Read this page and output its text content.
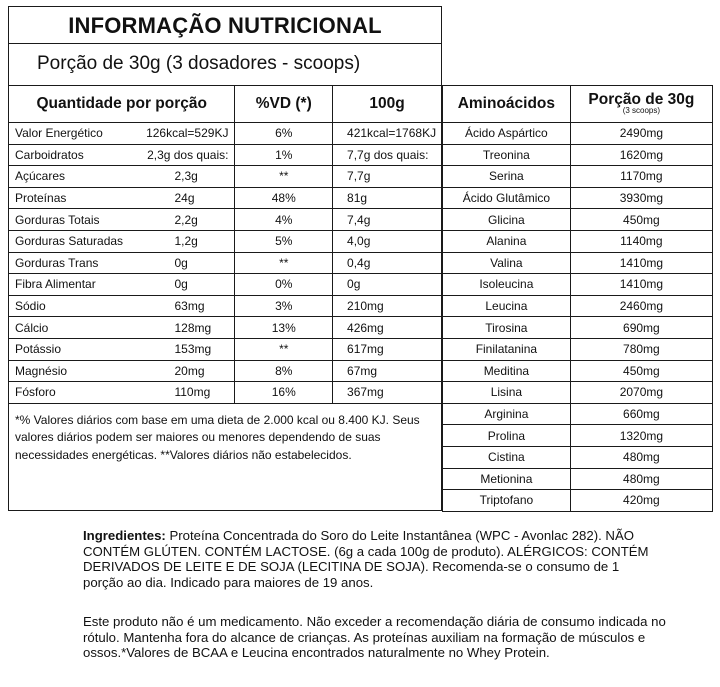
INFORMAÇÃO NUTRICIONAL
Porção de 30g (3 dosadores - scoops)
Quantidade por porção	%VD (*)	100g

Valor Energético 126kcal=529KJ	6%	421kcal=1768KJ

Carboidratos 2,3g dos quais:	1%	7,7g dos quais:

Açúcares 2,3g	**	7,7g

Proteínas 24g	48%	81g

Gorduras Totais 2,2g	4%	7,4g

Gorduras Saturadas 1,2g	5%	4,0g

Gorduras Trans 0g	**	0,4g

Fibra Alimentar 0g	0%	0g

Sódio 63mg	3%	210mg

Cálcio 128mg	13%	426mg

Potássio 153mg	**	617mg

Magnésio 20mg	8%	67mg

Fósforo 110mg	16%	367mg
*% Valores diários com base em uma dieta de 2.000 kcal ou 8.400 KJ. Seus valores diários podem ser maiores ou menores dependendo de suas necessidades energéticas. **Valores diários não estabelecidos.		
Aminoácidos	Porção de 30g
(3 scoops)

Ácido Aspártico	2490mg
Treonina	1620mg
Serina	1170mg
Ácido Glutâmico	3930mg
Glicina	450mg
Alanina	1140mg
Valina	1410mg
Isoleucina	1410mg
Leucina	2460mg
Tirosina	690mg
Finilatanina	780mg
Meditina	450mg
Lisina	2070mg
Arginina	660mg
Prolina	1320mg
Cistina	480mg
Metionina	480mg
Triptofano	420mg
Ingredientes: Proteína Concentrada do Soro do Leite Instantânea (WPC - Avonlac 282). NÃO CONTÉM GLÚTEN. CONTÉM LACTOSE. (6g a cada 100g de produto). ALÉRGICOS: CONTÉM DERIVADOS DE LEITE E DE SOJA (LECITINA DE SOJA). Recomenda-se o consumo de 1 porção ao dia. Indicado para maiores de 19 anos.
Este produto não é um medicamento. Não exceder a recomendação diária de consumo indicada no rótulo. Mantenha fora do alcance de crianças. As proteínas auxiliam na formação de músculos e ossos.*Valores de BCAA e Leucina encontrados naturalmente no Whey Protein.
